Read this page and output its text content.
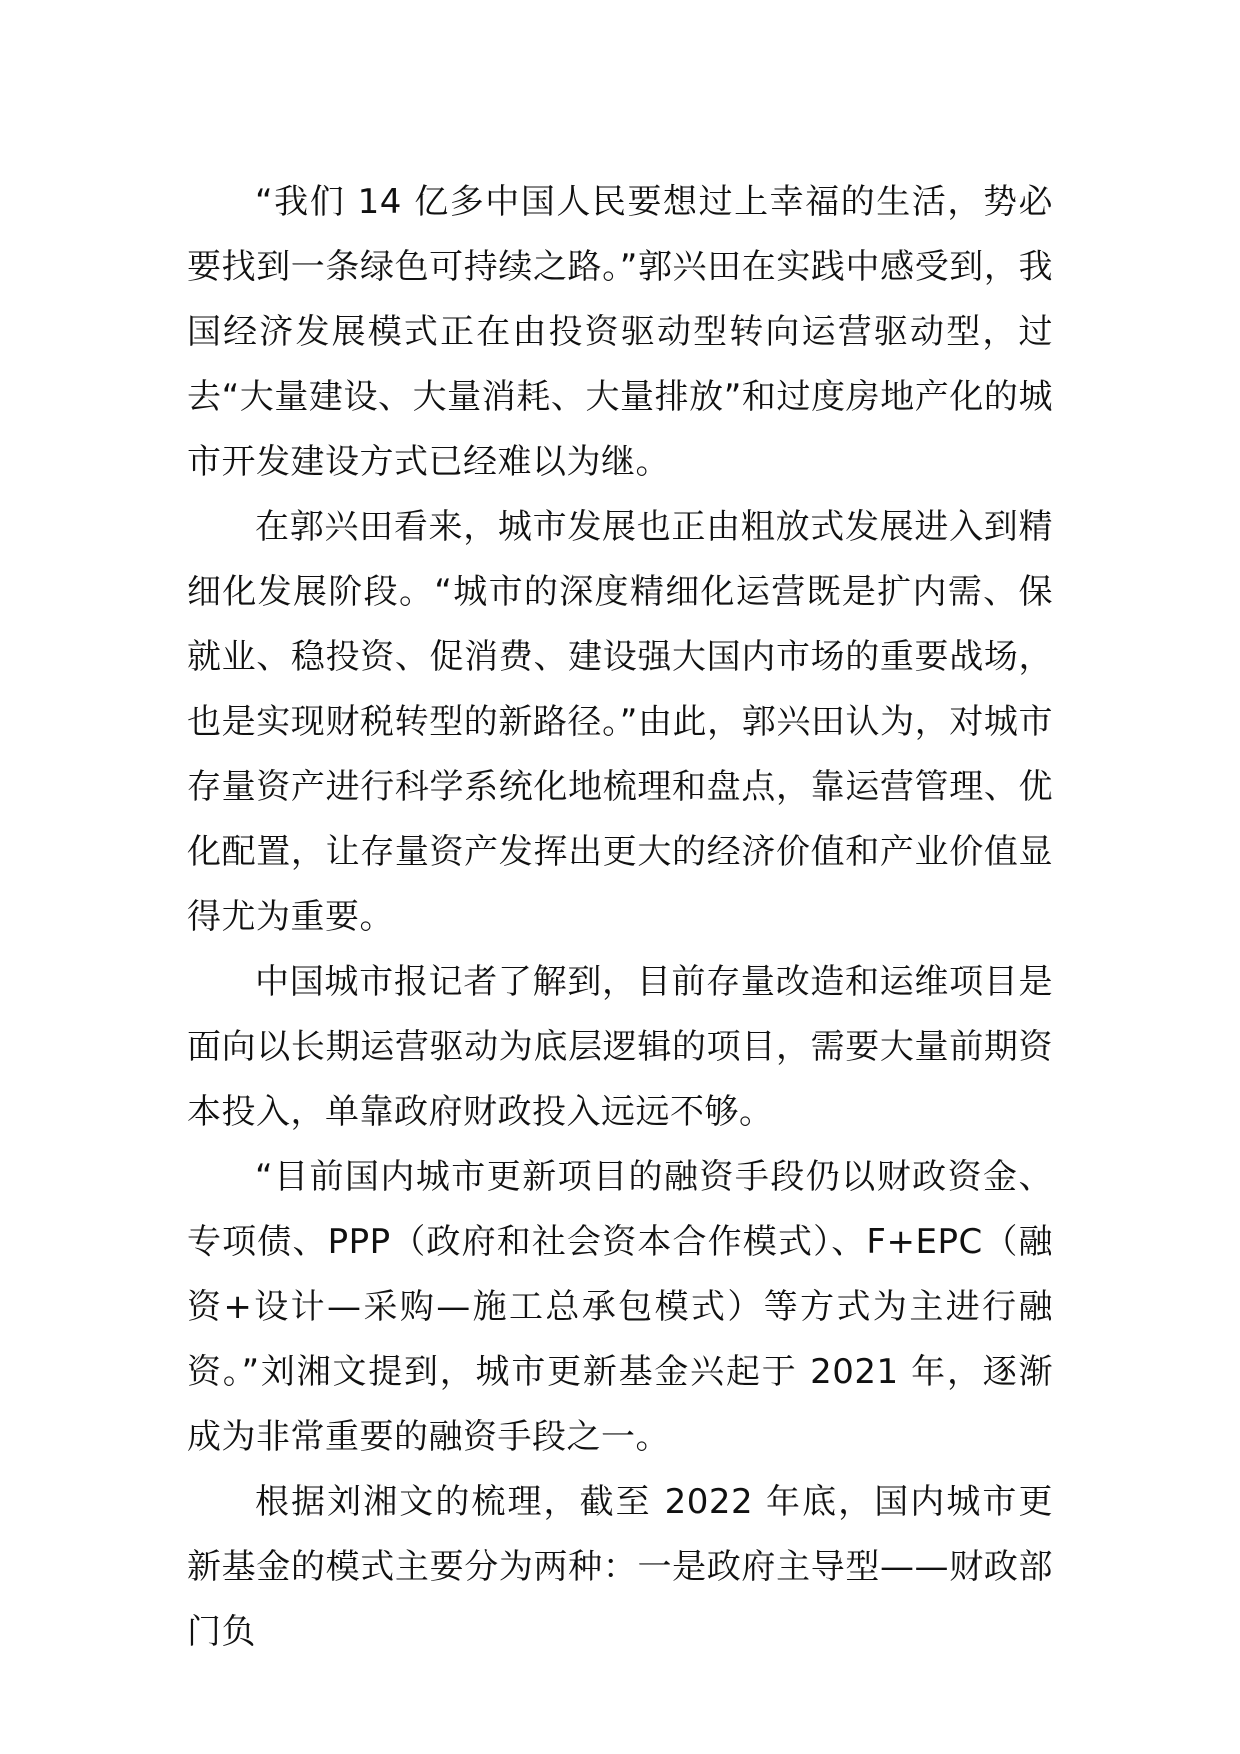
“我们 14 亿多中国人民要想过上幸福的生活，势必要找到一条绿色可持续之路。”郭兴田在实践中感受到，我国经济发展模式正在由投资驱动型转向运营驱动型，过去“大量建设、大量消耗、大量排放”和过度房地产化的城市开发建设方式已经难以为继。

在郭兴田看来，城市发展也正由粗放式发展进入到精细化发展阶段。“城市的深度精细化运营既是扩内需、保就业、稳投资、促消费、建设强大国内市场的重要战场，也是实现财税转型的新路径。”由此，郭兴田认为，对城市存量资产进行科学系统化地梳理和盘点，靠运营管理、优化配置，让存量资产发挥出更大的经济价值和产业价值显得尤为重要。

中国城市报记者了解到，目前存量改造和运维项目是面向以长期运营驱动为底层逻辑的项目，需要大量前期资本投入，单靠政府财政投入远远不够。

“目前国内城市更新项目的融资手段仍以财政资金、专项债、PPP（政府和社会资本合作模式）、F+EPC（融资+设计—采购—施工总承包模式）等方式为主进行融资。”刘湘文提到，城市更新基金兴起于 2021 年，逐渐成为非常重要的融资手段之一。

根据刘湘文的梳理，截至 2022 年底，国内城市更新基金的模式主要分为两种：一是政府主导型——财政部门负
